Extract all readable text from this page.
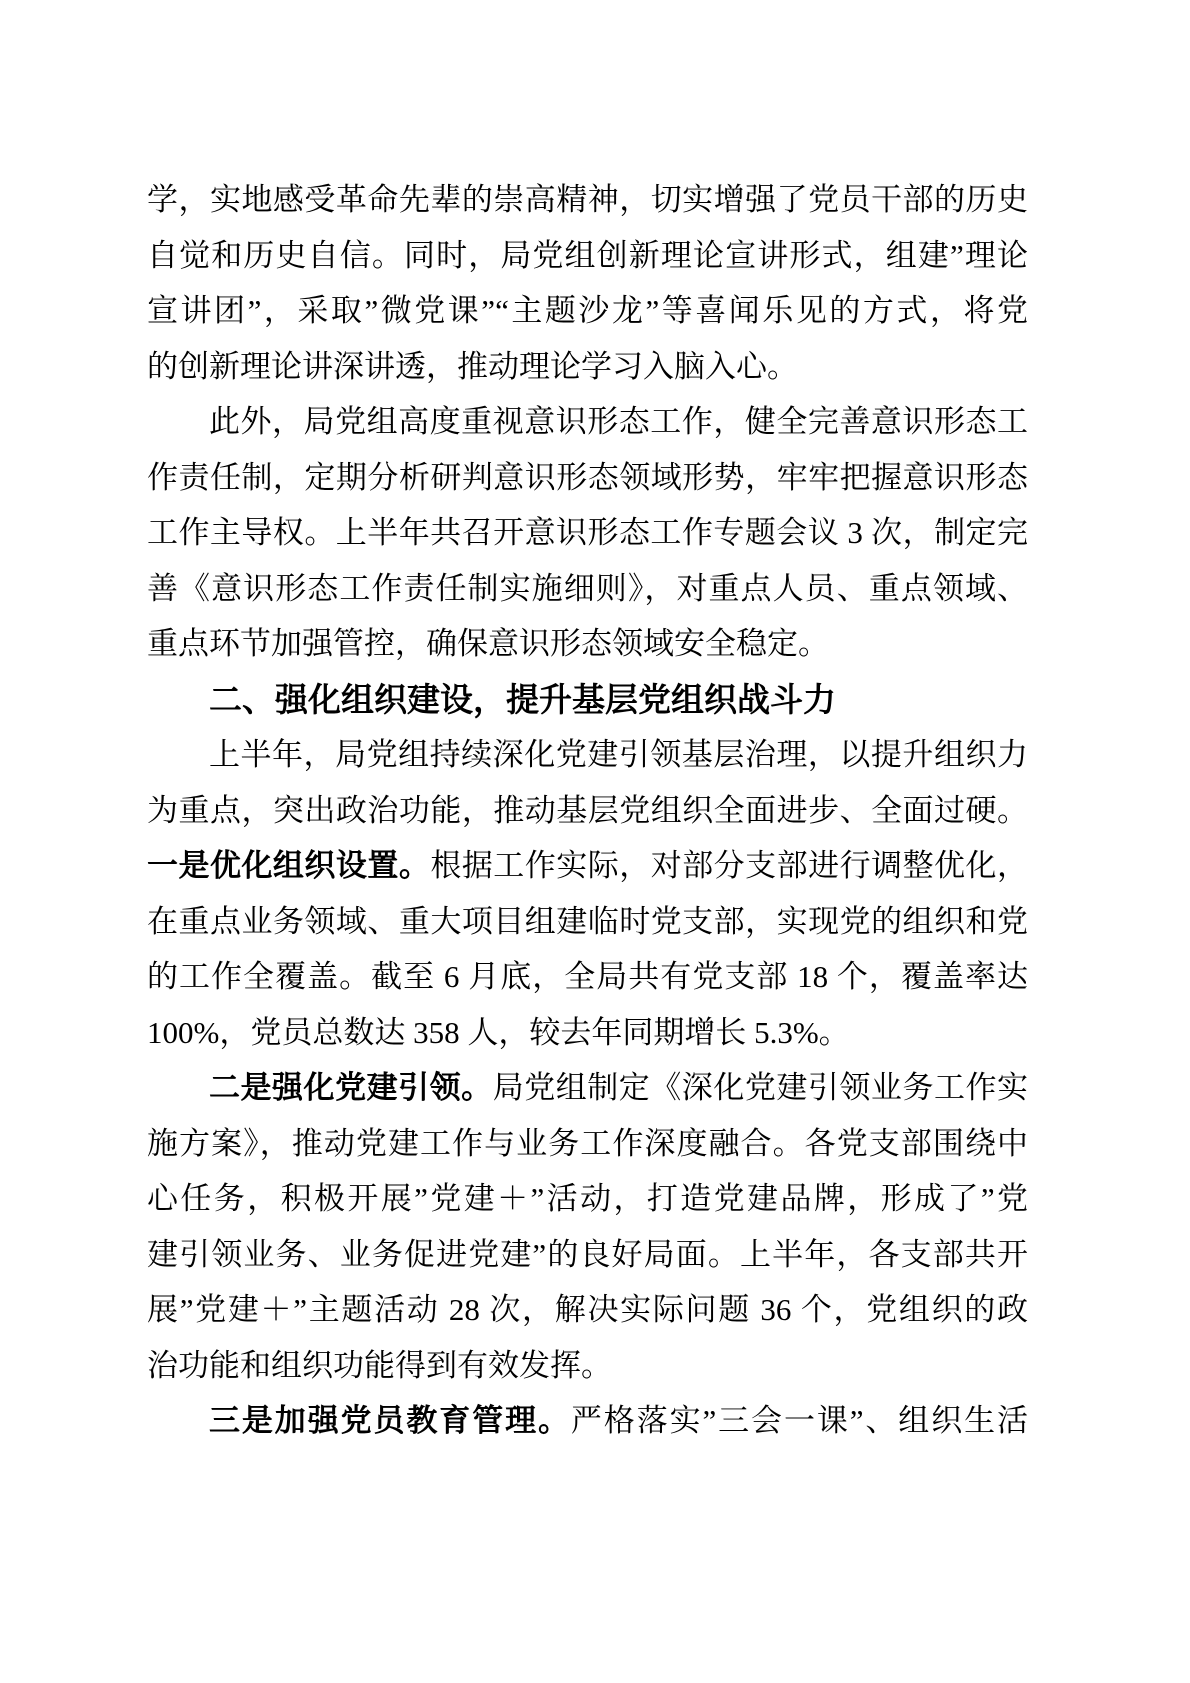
学，实地感受革命先辈的崇高精神，切实增强了党员干部的历史
自觉和历史自信。同时，局党组创新理论宣讲形式，组建”理论
宣讲团”，采取”微党课”“主题沙龙”等喜闻乐见的方式，将党
的创新理论讲深讲透，推动理论学习入脑入心。
此外，局党组高度重视意识形态工作，健全完善意识形态工
作责任制，定期分析研判意识形态领域形势，牢牢把握意识形态
工作主导权。上半年共召开意识形态工作专题会议 3 次，制定完
善《意识形态工作责任制实施细则》，对重点人员、重点领域、
重点环节加强管控，确保意识形态领域安全稳定。
二、强化组织建设，提升基层党组织战斗力
上半年，局党组持续深化党建引领基层治理，以提升组织力
为重点，突出政治功能，推动基层党组织全面进步、全面过硬。
一是优化组织设置。根据工作实际，对部分支部进行调整优化，
在重点业务领域、重大项目组建临时党支部，实现党的组织和党
的工作全覆盖。截至 6 月底，全局共有党支部 18 个，覆盖率达
100%，党员总数达 358 人，较去年同期增长 5.3%。
二是强化党建引领。局党组制定《深化党建引领业务工作实
施方案》，推动党建工作与业务工作深度融合。各党支部围绕中
心任务，积极开展”党建＋”活动，打造党建品牌，形成了”党
建引领业务、业务促进党建”的良好局面。上半年，各支部共开
展”党建＋”主题活动 28 次，解决实际问题 36 个，党组织的政
治功能和组织功能得到有效发挥。
三是加强党员教育管理。严格落实”三会一课”、组织生活
